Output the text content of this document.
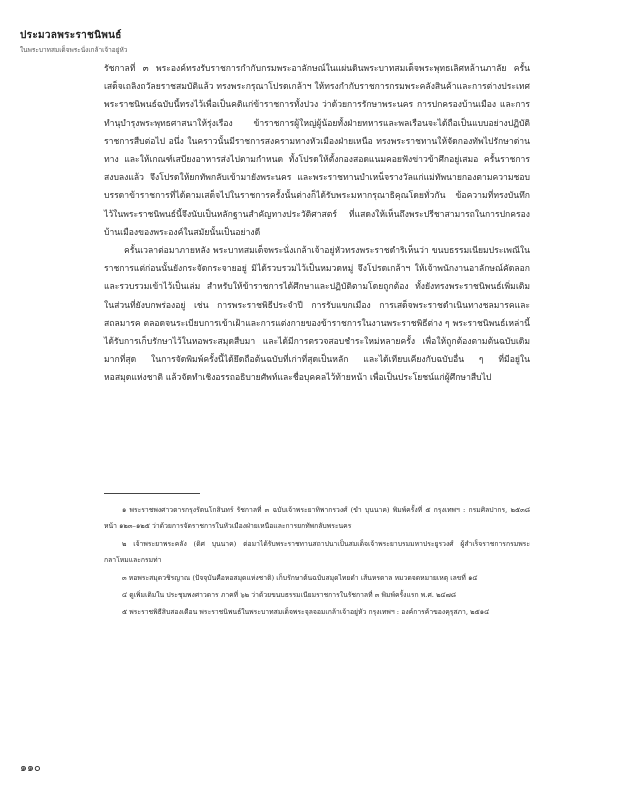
ประมวลพระราชนิพนธ์
ในพระบาทสมเด็จพระนั่งเกล้าเจ้าอยู่หัว

รัชกาลที่ ๓ พระองค์ทรงรับราชการกำกับกรมพระอาลักษณ์ในแผ่นดินพระบาทสมเด็จพระพุทธเลิศหล้านภาลัย ครั้นเสด็จเถลิงถวัลยราชสมบัติแล้ว ทรงพระกรุณาโปรดเกล้าฯ ให้ทรงกำกับราชการกรมพระคลังสินค้าและการต่างประเทศ พระราชนิพนธ์ฉบับนี้ทรงไว้เพื่อเป็นคติแก่ข้าราชการทั้งปวง ว่าด้วยการรักษาพระนคร การปกครองบ้านเมือง และการทำนุบำรุงพระพุทธศาสนาให้รุ่งเรือง ข้าราชการผู้ใหญ่ผู้น้อยทั้งฝ่ายทหารและพลเรือนจะได้ถือเป็นแบบอย่างปฏิบัติราชการสืบต่อไป อนึ่ง ในคราวนั้นมีราชการสงครามทางหัวเมืองฝ่ายเหนือ ทรงพระราชทานให้จัดกองทัพไปรักษาด่านทาง และให้เกณฑ์เสบียงอาหารส่งไปตามกำหนด ทั้งโปรดให้ตั้งกองสอดแนมคอยฟังข่าวข้าศึกอยู่เสมอ ครั้นราชการสงบลงแล้ว จึงโปรดให้ยกทัพกลับเข้ามายังพระนคร และพระราชทานบำเหน็จรางวัลแก่แม่ทัพนายกองตามความชอบ บรรดาข้าราชการที่ได้ตามเสด็จไปในราชการครั้งนั้นต่างก็ได้รับพระมหากรุณาธิคุณโดยทั่วกัน ข้อความที่ทรงบันทึกไว้ในพระราชนิพนธ์นี้จึงนับเป็นหลักฐานสำคัญทางประวัติศาสตร์ ที่แสดงให้เห็นถึงพระปรีชาสามารถในการปกครองบ้านเมืองของพระองค์ในสมัยนั้นเป็นอย่างดี

ครั้นเวลาต่อมาภายหลัง พระบาทสมเด็จพระนั่งเกล้าเจ้าอยู่หัวทรงพระราชดำริเห็นว่า ขนบธรรมเนียมประเพณีในราชการแต่ก่อนนั้นยังกระจัดกระจายอยู่ มิได้รวบรวมไว้เป็นหมวดหมู่ จึงโปรดเกล้าฯ ให้เจ้าพนักงานอาลักษณ์คัดลอกและรวบรวมเข้าไว้เป็นเล่ม สำหรับให้ข้าราชการได้ศึกษาและปฏิบัติตามโดยถูกต้อง ทั้งยังทรงพระราชนิพนธ์เพิ่มเติมในส่วนที่ยังบกพร่องอยู่ เช่น การพระราชพิธีประจำปี การรับแขกเมือง การเสด็จพระราชดำเนินทางชลมารคและสถลมารค ตลอดจนระเบียบการเข้าเฝ้าและการแต่งกายของข้าราชการในงานพระราชพิธีต่าง ๆ พระราชนิพนธ์เหล่านี้ได้รับการเก็บรักษาไว้ในหอพระสมุดสืบมา และได้มีการตรวจสอบชำระใหม่หลายครั้ง เพื่อให้ถูกต้องตามต้นฉบับเดิมมากที่สุด ในการจัดพิมพ์ครั้งนี้ได้ยึดถือต้นฉบับที่เก่าที่สุดเป็นหลัก และได้เทียบเคียงกับฉบับอื่น ๆ ที่มีอยู่ในหอสมุดแห่งชาติ แล้วจัดทำเชิงอรรถอธิบายศัพท์และชื่อบุคคลไว้ท้ายหน้า เพื่อเป็นประโยชน์แก่ผู้ศึกษาสืบไป

๑ พระราชพงศาวดารกรุงรัตนโกสินทร์ รัชกาลที่ ๓ ฉบับเจ้าพระยาทิพากรวงศ์ (ขำ บุนนาค) พิมพ์ครั้งที่ ๕ กรุงเทพฯ : กรมศิลปากร, ๒๕๓๘ หน้า ๑๒๓–๑๒๕ ว่าด้วยการจัดราชการในหัวเมืองฝ่ายเหนือและการยกทัพกลับพระนคร

๒ เจ้าพระยาพระคลัง (ดิศ บุนนาค) ต่อมาได้รับพระราชทานสถาปนาเป็นสมเด็จเจ้าพระยาบรมมหาประยูรวงศ์ ผู้สำเร็จราชการกรมพระกลาโหมและกรมท่า

๓ หอพระสมุดวชิรญาณ (ปัจจุบันคือหอสมุดแห่งชาติ) เก็บรักษาต้นฉบับสมุดไทยดำ เส้นหรดาล หมวดจดหมายเหตุ เลขที่ ๑๔

๔ ดูเพิ่มเติมใน ประชุมพงศาวดาร ภาคที่ ๖๒ ว่าด้วยขนบธรรมเนียมราชการในรัชกาลที่ ๓ พิมพ์ครั้งแรก พ.ศ. ๒๔๗๘

๕ พระราชพิธีสิบสองเดือน พระราชนิพนธ์ในพระบาทสมเด็จพระจุลจอมเกล้าเจ้าอยู่หัว กรุงเทพฯ : องค์การค้าของคุรุสภา, ๒๕๑๔

๑๑๐
